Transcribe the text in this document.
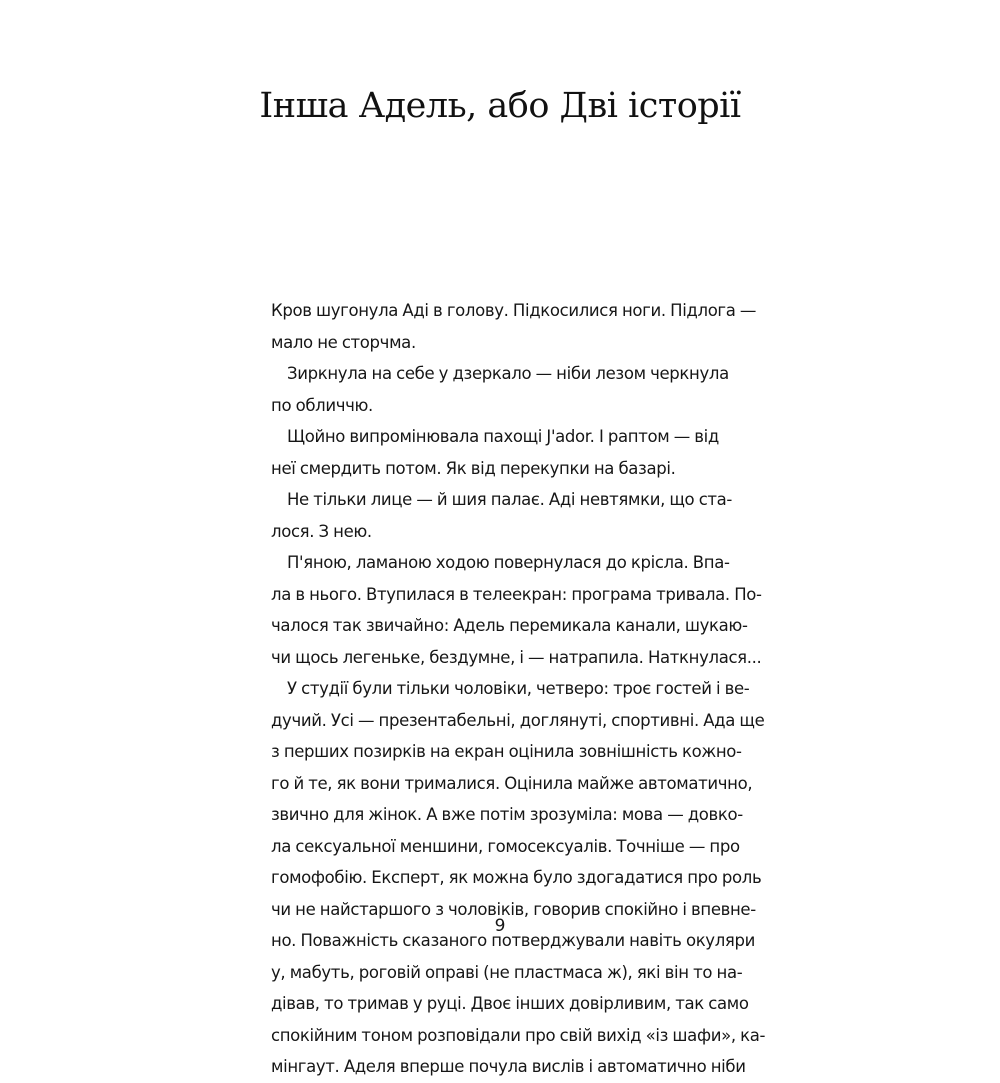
Інша Адель, або Дві історії
Кров шугонула Аді в голову. Підкосилися ноги. Підлога —
мало не сторчма.
Зиркнула на себе у дзеркало — ніби лезом черкнула
по обличчю.
Щойно випромінювала пахощі J'ador. І раптом — від
неї смердить потом. Як від перекупки на базарі.
Не тільки лице — й шия палає. Аді невтямки, що ста-
лося. З нею.
П'яною, ламаною ходою повернулася до крісла. Впа-
ла в нього. Втупилася в телеекран: програма тривала. По-
чалося так звичайно: Адель перемикала канали, шукаю-
чи щось легеньке, бездумне, і — натрапила. Наткнулася...
У студії були тільки чоловіки, четверо: троє гостей і ве-
дучий. Усі — презентабельні, доглянуті, спортивні. Ада ще
з перших позирків на екран оцінила зовнішність кожно-
го й те, як вони трималися. Оцінила майже автоматично,
звично для жінок. А вже потім зрозуміла: мова — довко-
ла сексуальної меншини, гомосексуалів. Точніше — про
гомофобію. Експерт, як можна було здогадатися про роль
чи не найстаршого з чоловіків, говорив спокійно і впевне-
но. Поважність сказаного потверджували навіть окуляри
у, мабуть, роговій оправі (не пластмаса ж), які він то на-
дівав, то тримав у руці. Двоє інших довірливим, так само
спокійним тоном розповідали про свій вихід «із шафи», ка-
мінгаут. Аделя вперше почула вислів і автоматично ніби
9
